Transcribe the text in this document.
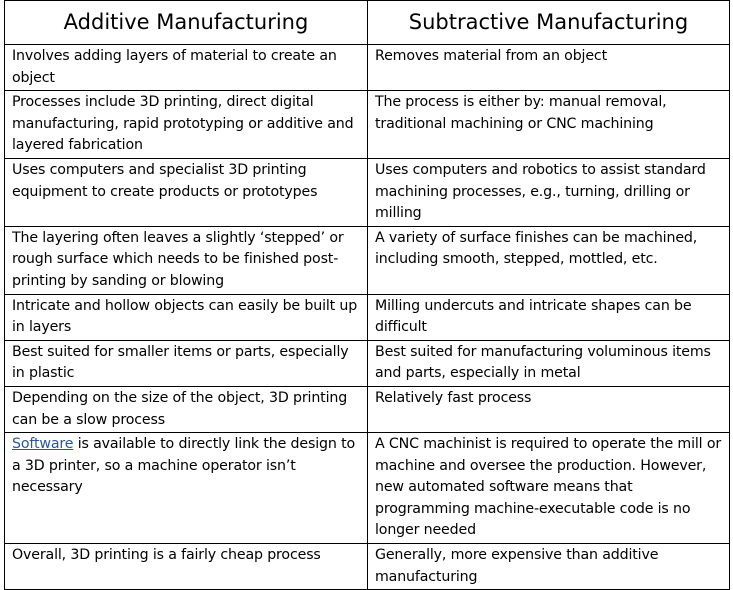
Additive Manufacturing	Subtractive Manufacturing
Involves adding layers of material to create an object	Removes material from an object
Processes include 3D printing, direct digital manufacturing, rapid prototyping or additive and layered fabrication	The process is either by: manual removal, traditional machining or CNC machining
Uses computers and specialist 3D printing equipment to create products or prototypes	Uses computers and robotics to assist standard machining processes, e.g., turning, drilling or milling
The layering often leaves a slightly ‘stepped’ or rough surface which needs to be finished post-printing by sanding or blowing	A variety of surface finishes can be machined, including smooth, stepped, mottled, etc.
Intricate and hollow objects can easily be built up in layers	Milling undercuts and intricate shapes can be difficult
Best suited for smaller items or parts, especially in plastic	Best suited for manufacturing voluminous items and parts, especially in metal
Depending on the size of the object, 3D printing can be a slow process	Relatively fast process
Software is available to directly link the design to a 3D printer, so a machine operator isn’t necessary	A CNC machinist is required to operate the mill or machine and oversee the production. However, new automated software means that programming machine-executable code is no longer needed
Overall, 3D printing is a fairly cheap process	Generally, more expensive than additive manufacturing
